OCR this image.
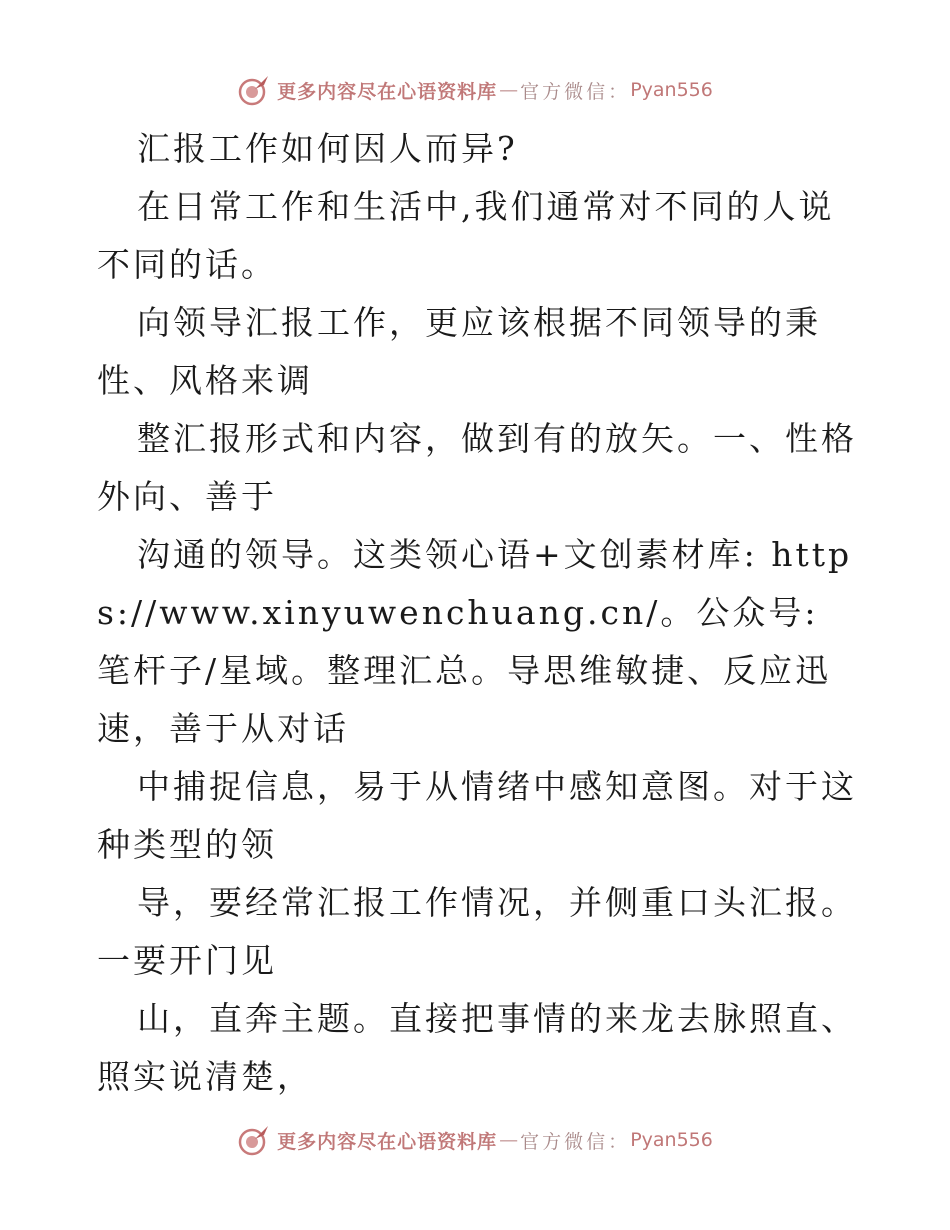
更多内容尽在心语资料库 — 官方微信： Pyan556

汇报工作如何因人而异?

在日常工作和生活中,我们通常对不同的人说不同的话。

向领导汇报工作，更应该根据不同领导的秉性、风格来调

整汇报形式和内容，做到有的放矢。一、性格外向、善于

沟通的领导。这类领心语+文创素材库: https://www.xinyuwenchuang.cn/。公众号: 笔杆子/星域。整理汇总。导思维敏捷、反应迅速，善于从对话

中捕捉信息，易于从情绪中感知意图。对于这种类型的领

导，要经常汇报工作情况，并侧重口头汇报。一要开门见

山，直奔主题。直接把事情的来龙去脉照直、照实说清楚，

更多内容尽在心语资料库 — 官方微信： Pyan556
